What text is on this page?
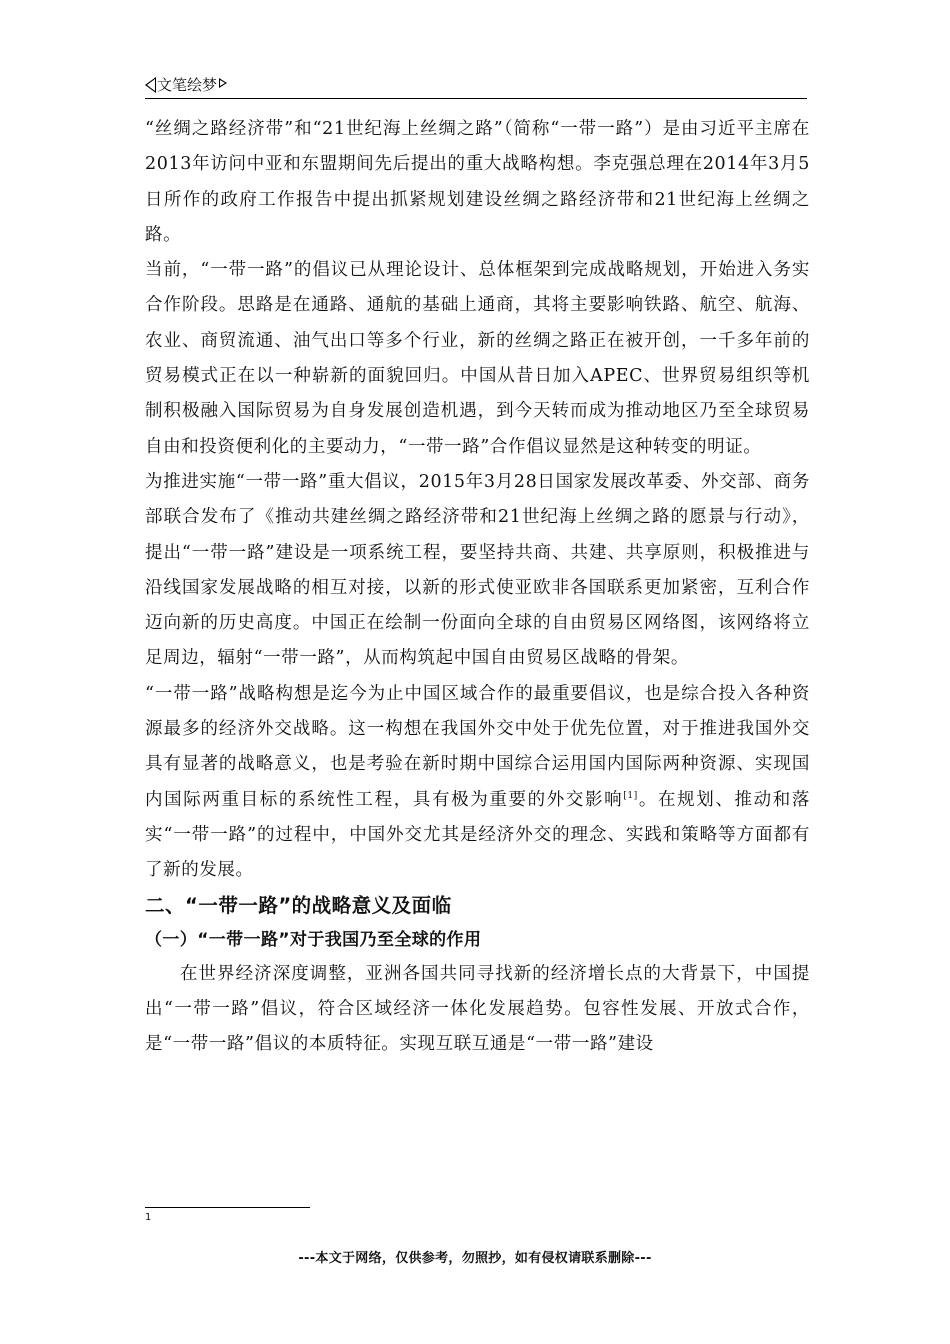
文笔绘梦

“丝绸之路经济带”和“21世纪海上丝绸之路”（简称“一带一路”）是由习近平主席在2013年访问中亚和东盟期间先后提出的重大战略构想。李克强总理在2014年3月5日所作的政府工作报告中提出抓紧规划建设丝绸之路经济带和21世纪海上丝绸之路。

当前，“一带一路”的倡议已从理论设计、总体框架到完成战略规划，开始进入务实合作阶段。思路是在通路、通航的基础上通商，其将主要影响铁路、航空、航海、农业、商贸流通、油气出口等多个行业，新的丝绸之路正在被开创，一千多年前的贸易模式正在以一种崭新的面貌回归。中国从昔日加入APEC、世界贸易组织等机制积极融入国际贸易为自身发展创造机遇，到今天转而成为推动地区乃至全球贸易自由和投资便利化的主要动力，“一带一路”合作倡议显然是这种转变的明证。

为推进实施“一带一路”重大倡议，2015年3月28日国家发展改革委、外交部、商务部联合发布了《推动共建丝绸之路经济带和21世纪海上丝绸之路的愿景与行动》，提出“一带一路”建设是一项系统工程，要坚持共商、共建、共享原则，积极推进与沿线国家发展战略的相互对接，以新的形式使亚欧非各国联系更加紧密，互利合作迈向新的历史高度。中国正在绘制一份面向全球的自由贸易区网络图，该网络将立足周边，辐射“一带一路”，从而构筑起中国自由贸易区战略的骨架。

“一带一路”战略构想是迄今为止中国区域合作的最重要倡议，也是综合投入各种资源最多的经济外交战略。这一构想在我国外交中处于优先位置，对于推进我国外交具有显著的战略意义，也是考验在新时期中国综合运用国内国际两种资源、实现国内国际两重目标的系统性工程，具有极为重要的外交影响[1]。在规划、推动和落实“一带一路”的过程中，中国外交尤其是经济外交的理念、实践和策略等方面都有了新的发展。

二、“一带一路”的战略意义及面临
（一）“一带一路”对于我国乃至全球的作用

在世界经济深度调整，亚洲各国共同寻找新的经济增长点的大背景下，中国提出“一带一路”倡议，符合区域经济一体化发展趋势。包容性发展、开放式合作，是“一带一路”倡议的本质特征。实现互联互通是“一带一路”建设

1
---本文于网络，仅供参考，勿照抄，如有侵权请联系删除---
